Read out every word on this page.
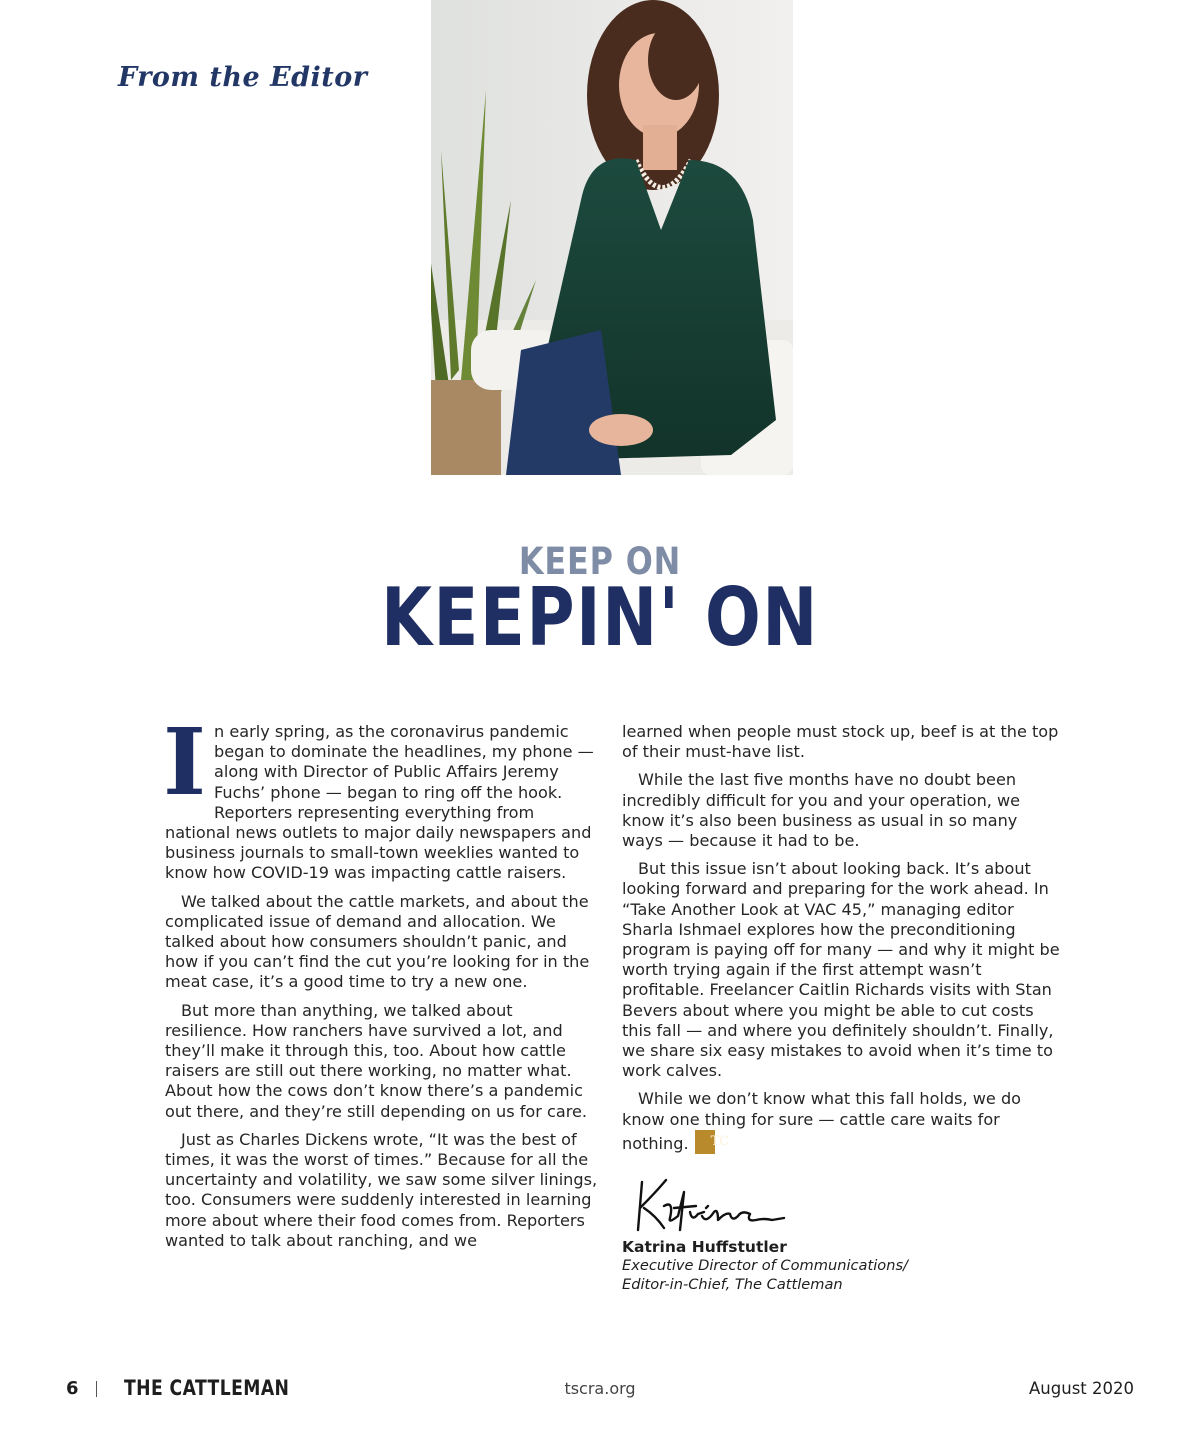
From the Editor
KEEP ON
KEEPIN' ON

In early spring, as the coronavirus pandemic began to dominate the headlines, my phone — along with Director of Public Affairs Jeremy Fuchs’ phone — began to ring off the hook. Reporters representing everything from national news outlets to major daily newspapers and business journals to small-town weeklies wanted to know how COVID-19 was impacting cattle raisers.

We talked about the cattle markets, and about the complicated issue of demand and allocation. We talked about how consumers shouldn’t panic, and how if you can’t find the cut you’re looking for in the meat case, it’s a good time to try a new one.

But more than anything, we talked about resilience. How ranchers have survived a lot, and they’ll make it through this, too. About how cattle raisers are still out there working, no matter what. About how the cows don’t know there’s a pandemic out there, and they’re still depending on us for care.

Just as Charles Dickens wrote, “It was the best of times, it was the worst of times.” Because for all the uncertainty and volatility, we saw some silver linings, too. Consumers were suddenly interested in learning more about where their food comes from. Reporters wanted to talk about ranching, and we

learned when people must stock up, beef is at the top of their must-have list.

While the last five months have no doubt been incredibly difficult for you and your operation, we know it’s also been business as usual in so many ways — because it had to be.

But this issue isn’t about looking back. It’s about looking forward and preparing for the work ahead. In “Take Another Look at VAC 45,” managing editor Sharla Ishmael explores how the preconditioning program is paying off for many — and why it might be worth trying again if the first attempt wasn’t profitable. Freelancer Caitlin Richards visits with Stan Bevers about where you might be able to cut costs this fall — and where you definitely shouldn’t. Finally, we share six easy mistakes to avoid when it’s time to work calves.

While we don’t know what this fall holds, we do know one thing for sure — cattle care waits for nothing.	TC

Katrina Huffstutler
Executive Director of Communications/
Editor-in-Chief, The Cattleman
6 THE CATTLEMAN	tscra.org	August 2020
